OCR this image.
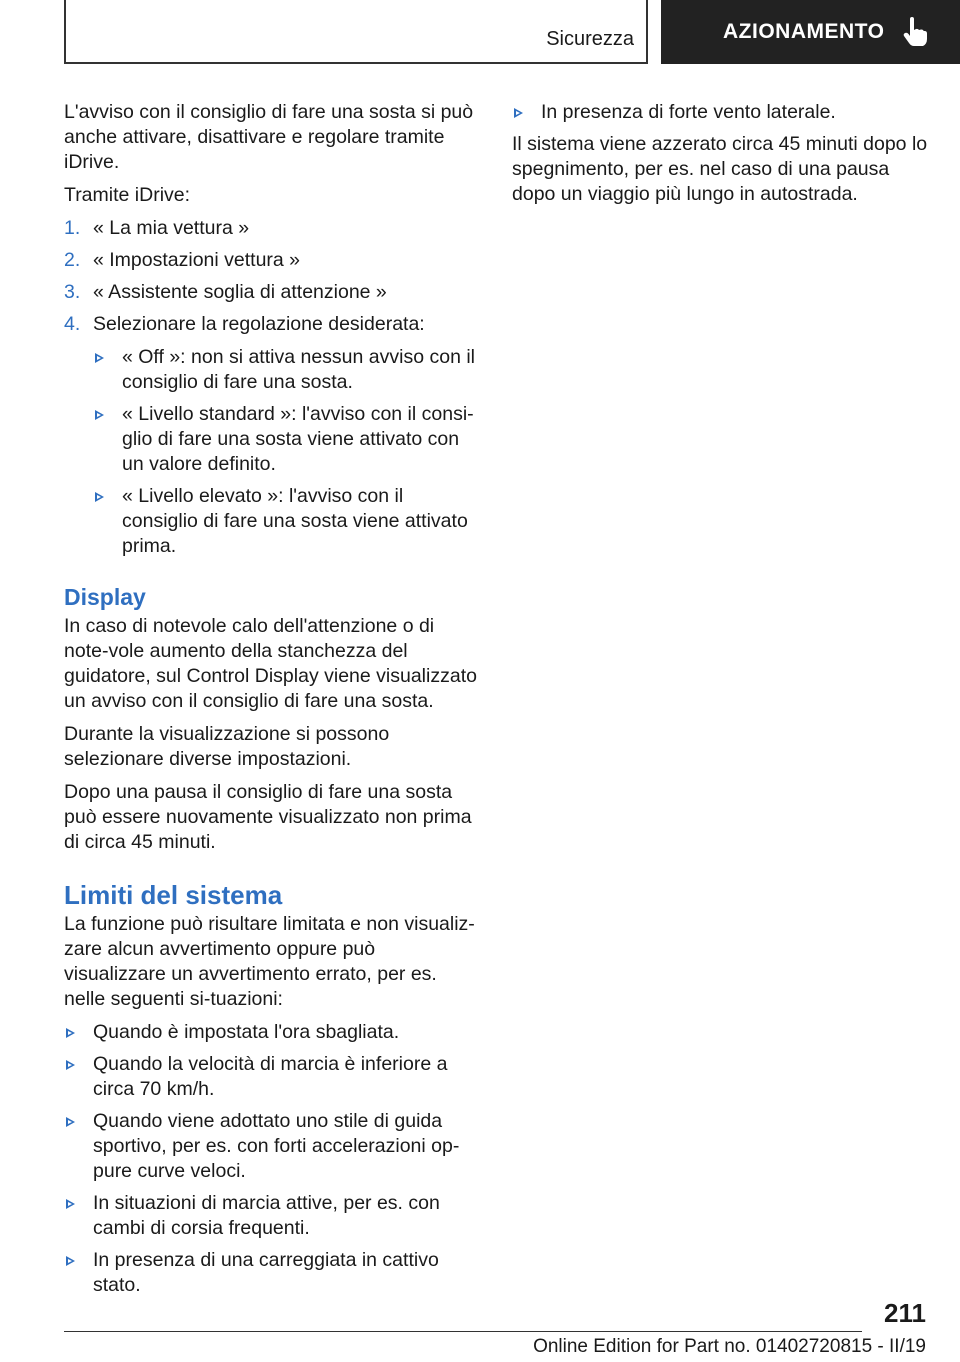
Sicurezza	AZIONAMENTO

L'avviso con il consiglio di fare una sosta si può anche attivare, disattivare e regolare tramite iDrive.

Tramite iDrive:

1. « La mia vettura »
2. « Impostazioni vettura »
3. « Assistente soglia di attenzione »
4. Selezionare la regolazione desiderata:
« Off »: non si attiva nessun avviso con il consiglio di fare una sosta.
« Livello standard »: l'avviso con il consi-glio di fare una sosta viene attivato con un valore definito.
« Livello elevato »: l'avviso con il consiglio di fare una sosta viene attivato prima.
Display

In caso di notevole calo dell'attenzione o di note-vole aumento della stanchezza del guidatore, sul Control Display viene visualizzato un avviso con il consiglio di fare una sosta.

Durante la visualizzazione si possono selezionare diverse impostazioni.

Dopo una pausa il consiglio di fare una sosta può essere nuovamente visualizzato non prima di circa 45 minuti.

Limiti del sistema

La funzione può risultare limitata e non visualiz-zare alcun avvertimento oppure può visualizzare un avvertimento errato, per es. nelle seguenti si-tuazioni:

Quando è impostata l'ora sbagliata.
Quando la velocità di marcia è inferiore a circa 70 km/h.
Quando viene adottato uno stile di guida sportivo, per es. con forti accelerazioni op-pure curve veloci.
In situazioni di marcia attive, per es. con cambi di corsia frequenti.
In presenza di una carreggiata in cattivo stato.
In presenza di forte vento laterale.

Il sistema viene azzerato circa 45 minuti dopo lo spegnimento, per es. nel caso di una pausa dopo un viaggio più lungo in autostrada.

211
Online Edition for Part no. 01402720815 - II/19
